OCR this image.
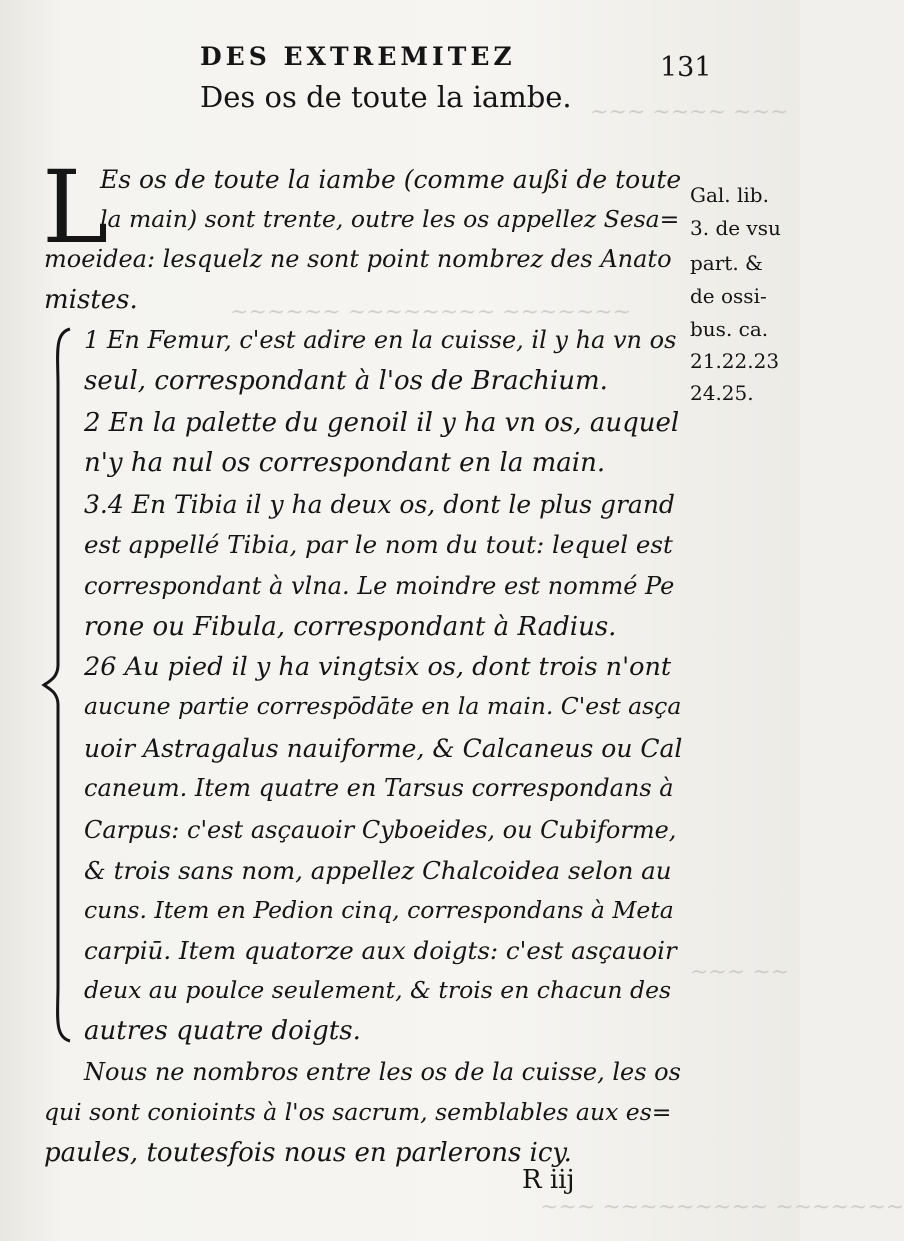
~~~ ~~~~ ~~~
~~~~~~ ~~~~~~~~ ~~~~~~~
~~~ ~~
~~~ ~~~~~~~~~ ~~~~~~~
DES EXTREMITEZ	131
Des os de toute la iambe.
L
Es os de toute la iambe (comme außi de toute
la main) sont trente, outre les os appellez Sesa=
moeidea: lesquelz ne sont point nombrez des Anato
mistes.
1 En Femur, c'est adire en la cuisse, il y ha vn os
seul, correspondant à l'os de Brachium.
2 En la palette du genoil il y ha vn os, auquel
n'y ha nul os correspondant en la main.
3.4 En Tibia il y ha deux os, dont le plus grand
est appellé Tibia, par le nom du tout: lequel est
correspondant à vlna. Le moindre est nommé Pe
rone ou Fibula, correspondant à Radius.
26 Au pied il y ha vingtsix os, dont trois n'ont
aucune partie correspōdāte en la main. C'est asça
uoir Astragalus nauiforme, & Calcaneus ou Cal
caneum. Item quatre en Tarsus correspondans à
Carpus: c'est asçauoir Cyboeides, ou Cubiforme,
& trois sans nom, appellez Chalcoidea selon au
cuns. Item en Pedion cinq, correspondans à Meta
carpiū. Item quatorze aux doigts: c'est asçauoir
deux au poulce seulement, & trois en chacun des
autres quatre doigts.
Nous ne nombros entre les os de la cuisse, les os
qui sont conioints à l'os sacrum, semblables aux es=
paules, toutesfois nous en parlerons icy.
Gal. lib.
3. de vsu
part. &
de ossi-
bus. ca.
21.22.23
24.25.
R iij
